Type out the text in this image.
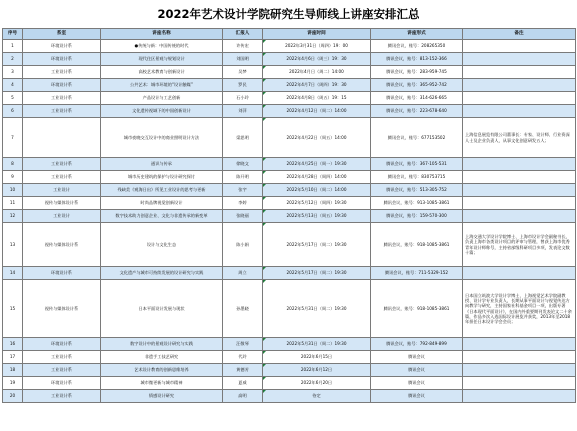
2022年艺术设计学院研究生导师线上讲座安排汇总
序号	系室	讲座名称	汇报人	讲座时间	讲座形式	备注
1	环境设计系	●传统与新：中国传统的时代	许传宏	2022年3月31日（周四）19：00	腾讯会议，账号：208265350	
2	环境设计系	现代住区景观与规划设计	刘国明	2022年4月6日（周三）19：30	腾讯会议，账号：813-152-366	
3	工业设计系	高校艺术教育与创新设计	吴梦	2022年4月日（周二）14:00	腾讯会议，账号：283-959-745	
4	环境设计系	公共艺术：城市环境的“设计触媒”	罗民	2022年4月7日（周四）19：30	腾讯会议，账号：365-952-742	
5	工业设计系	产品设计与工艺创新	石小玲	2022年4月8日（周五）19：15	腾讯会议，账号：314-626-665	
6	工业设计系	文化遗传视域下的中国创新设计	刘萍	2022年4月12日（周二）14:00	腾讯会议，账号：223-678-640	
7		城市夜晚交互设计中的商业照明设计方法	梁思明	2022年4月22日（周五）14:00	腾讯会议，账号：677153502	上海信息展览有限公司董事长：专家、设计师、行业资深人士及企业负责人，从事文化创意研发五人；
8	工业设计系	通识与传承	徐晓文	2022年4月25日（周一）19:30	腾讯会议，账号：367-105-531	
9	工业设计系	城市历史建筑的保护与设计研究探讨	陈开明	2022年4月28日（周四）14:00	腾讯会议，账号：830753715	
10	工业设计	残缺美《观海日出》所见工业设计的思考与更新	张宇	2022年5月10日（周二）14:00	腾讯会议，账号：513-305-752	
11	视传与媒体设计系	时尚品牌视觉创新设计	李婷	2022年5月12日（周四）19:30	腾讯会议，账号：913-1085-3861	
12	工业设计	数字技术助力创意企业、文化与非遗传承的新变革	张晓丽	2022年5月13日（周五）19:30	腾讯会议，账号：159-570-300	
13	视传与媒体设计系	设计与文化生态	陈小娟	2022年5月17日（周二）19:30	腾讯会议，账号：918-1085-3861	上海交通大学设计学院博士、上海市设计学会副秘书长，负责上海市各类设计项目的评审与管理，曾获上海市优秀青年设计师称号，主持省部级科研项目多项，发表论文数十篇；
14	环境设计系	文化遗产与城市可持续发展的设计研究与实践	周立	2022年5月17日（周二）19:30	腾讯会议，账号：711-5329-152	
15	视传与媒体设计系	日本平面设计发展与现状	孙墨晓	2022年5月31日（周二）19:30	腾讯会议，账号：918-1085-3861	日本国立筑波大学设计学博士，上海视觉艺术学院副教授、设计学专业负责人，长期从事平面设计与视觉传达方向教学与研究，主持国家社科基金项目一项，出版专著《日本现代平面设计》，在国内外重要期刊发表论文二十余篇，作品多次入选国际设计展览并获奖，2013年至2018年担任日本设计学会会员；
16	环境设计系	数字设计中的景观设计研究与实践	汪敬琴	2022年5月31日（周二）19:30	腾讯会议，账号：792-849-899	
17	工业设计系	非遗手工技艺研究	代玲	2022年6月15日	腾讯会议	
18	工业设计系	艺术设计教育的创新思维培养	黄德芳	2022年6月12日	腾讯会议	
19	环境设计系	城市微更新与城市精神	夏威	2022年6月20日	腾讯会议	
20	工业设计系	情感设计研究	高明	待定	腾讯会议	
